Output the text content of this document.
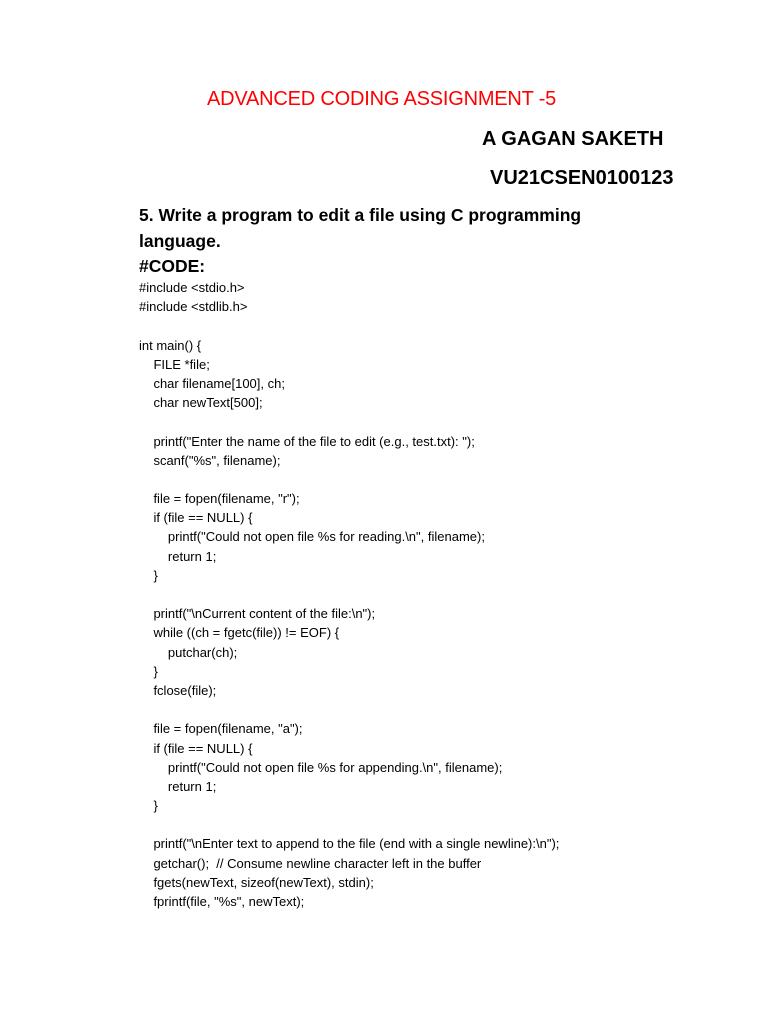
ADVANCED CODING ASSIGNMENT -5
A GAGAN SAKETH
VU21CSEN0100123
5. Write a program to edit a file using C programming language.
#CODE:
#include <stdio.h>
#include <stdlib.h>
int main() {
FILE *file;
char filename[100], ch;
char newText[500];
printf("Enter the name of the file to edit (e.g., test.txt): ");
scanf("%s", filename);
file = fopen(filename, "r");
if (file == NULL) {
printf("Could not open file %s for reading.\n", filename);
return 1;
}
printf("\nCurrent content of the file:\n");
while ((ch = fgetc(file)) != EOF) {
putchar(ch);
}
fclose(file);
file = fopen(filename, "a");
if (file == NULL) {
printf("Could not open file %s for appending.\n", filename);
return 1;
}
printf("\nEnter text to append to the file (end with a single newline):\n");
getchar();  // Consume newline character left in the buffer
fgets(newText, sizeof(newText), stdin);
fprintf(file, "%s", newText);
